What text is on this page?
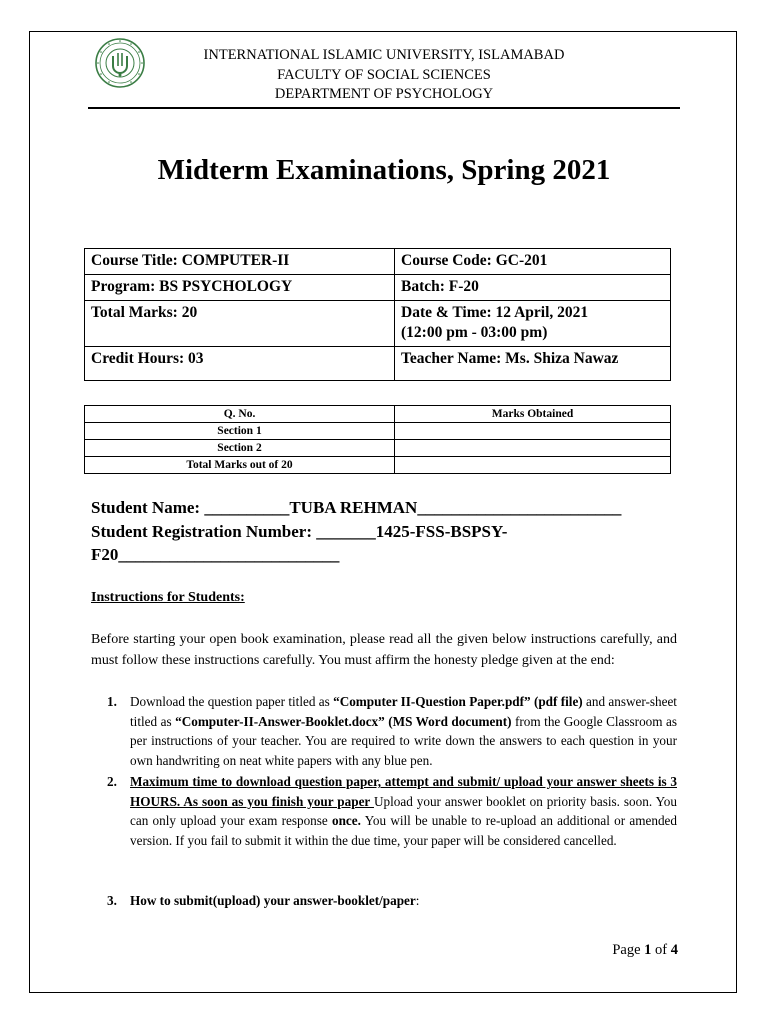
INTERNATIONAL ISLAMIC UNIVERSITY, ISLAMABAD
FACULTY OF SOCIAL SCIENCES
DEPARTMENT OF PSYCHOLOGY
Midterm Examinations, Spring 2021
Course Title: COMPUTER-II	Course Code: GC-201
Program: BS PSYCHOLOGY	Batch: F-20
Total Marks: 20	Date & Time: 12 April, 2021
(12:00 pm - 03:00 pm)

Credit Hours: 03	Teacher Name: Ms. Shiza Nawaz
Q. No.	Marks Obtained
Section 1	
Section 2	
Total Marks out of 20	
Student Name: __________TUBA REHMAN________________________
Student Registration Number: _______1425-FSS-BSPSY-
F20__________________________
Instructions for Students:
Before starting your open book examination, please read all the given below instructions carefully, and must follow these instructions carefully. You must affirm the honesty pledge given at the end:
1. Download the question paper titled as “Computer II-Question Paper.pdf” (pdf file) and answer-sheet titled as “Computer-II-Answer-Booklet.docx” (MS Word document) from the Google Classroom as per instructions of your teacher. You are required to write down the answers to each question in your own handwriting on neat white papers with any blue pen.
2. Maximum time to download question paper, attempt and submit/ upload your answer sheets is 3 HOURS. As soon as you finish your paper Upload your answer booklet on priority basis. soon. You can only upload your exam response once. You will be unable to re-upload an additional or amended version. If you fail to submit it within the due time, your paper will be considered cancelled.
3. How to submit(upload) your answer-booklet/paper:
Page 1 of 4
